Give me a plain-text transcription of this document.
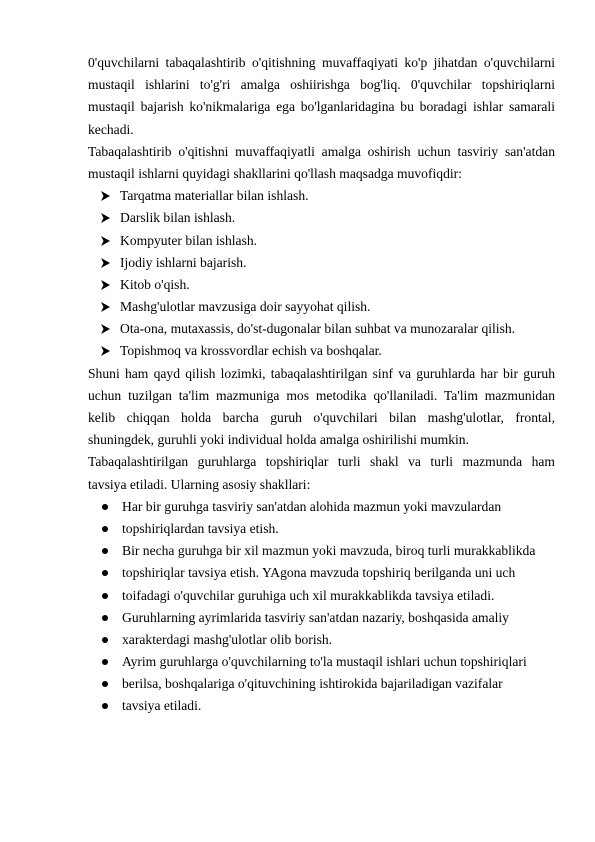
0'quvchilarni tabaqalashtirib o'qitishning muvaffaqiyati ko'p jihatdan o'quvchilarni
mustaqil ishlarini to'g'ri amalga oshiirishga bog'liq. 0'quvchilar topshiriqlarni
mustaqil bajarish ko'nikmalariga ega bo'lganlaridagina bu boradagi ishlar samarali
kechadi.
Tabaqalashtirib o'qitishni muvaffaqiyatli amalga oshirish uchun tasviriy san'atdan
mustaqil ishlarni quyidagi shakllarini qo'llash maqsadga muvofiqdir:
Tarqatma materiallar bilan ishlash.
Darslik bilan ishlash.
Kompyuter bilan ishlash.
Ijodiy ishlarni bajarish.
Kitob o'qish.
Mashg'ulotlar mavzusiga doir sayyohat qilish.
Ota-ona, mutaxassis, do'st-dugonalar bilan suhbat va munozaralar qilish.
Topishmoq va krossvordlar echish va boshqalar.
Shuni ham qayd qilish lozimki, tabaqalashtirilgan sinf va guruhlarda har bir guruh
uchun tuzilgan ta'lim mazmuniga mos metodika qo'llaniladi. Ta'lim mazmunidan
kelib chiqqan holda barcha guruh o'quvchilari bilan mashg'ulotlar, frontal,
shuningdek, guruhli yoki individual holda amalga oshirilishi mumkin.
Tabaqalashtirilgan guruhlarga topshiriqlar turli shakl va turli mazmunda ham
tavsiya etiladi. Ularning asosiy shakllari:
Har bir guruhga tasviriy san'atdan alohida mazmun yoki mavzulardan
topshiriqlardan tavsiya etish.
Bir necha guruhga bir xil mazmun yoki mavzuda, biroq turli murakkablikda
topshiriqlar tavsiya etish. YAgona mavzuda topshiriq berilganda uni uch
toifadagi o'quvchilar guruhiga uch xil murakkablikda tavsiya etiladi.
Guruhlarning ayrimlarida tasviriy san'atdan nazariy, boshqasida amaliy
xarakterdagi mashg'ulotlar olib borish.
Ayrim guruhlarga o'quvchilarning to'la mustaqil ishlari uchun topshiriqlari
berilsa, boshqalariga o'qituvchining ishtirokida bajariladigan vazifalar
tavsiya etiladi.
